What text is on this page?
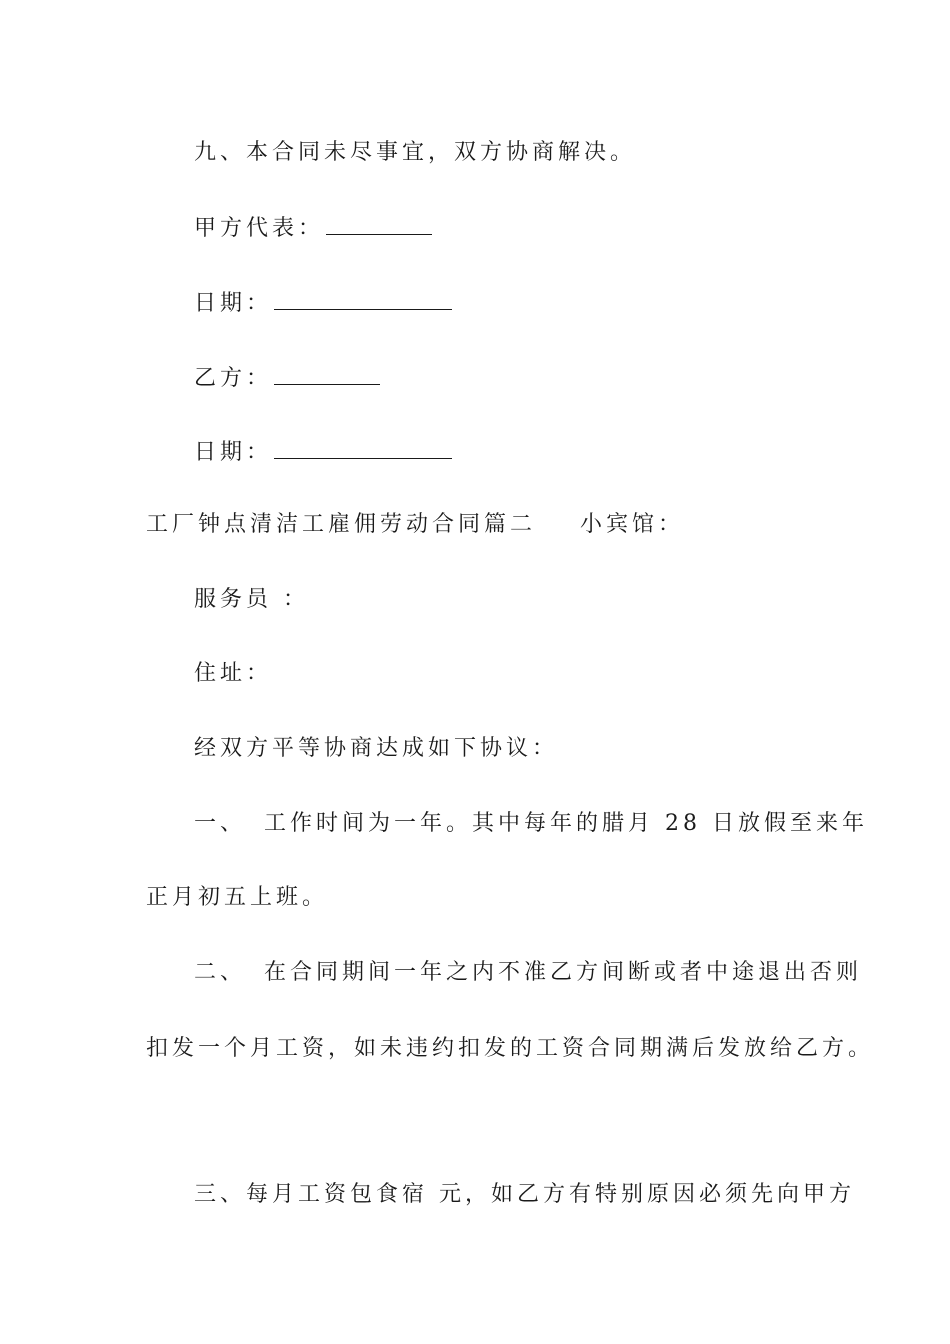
九、本合同未尽事宜，双方协商解决。
甲方代表：
日期：
乙方：
日期：
工厂钟点清洁工雇佣劳动合同篇二 小宾馆：
服务员 ：
住址：
经双方平等协商达成如下协议：
一、 工作时间为一年。其中每年的腊月 28 日放假至来年
正月初五上班。
二、 在合同期间一年之内不准乙方间断或者中途退出否则
扣发一个月工资，如未违约扣发的工资合同期满后发放给乙方。
三、每月工资包食宿 元，如乙方有特别原因必须先向甲方
